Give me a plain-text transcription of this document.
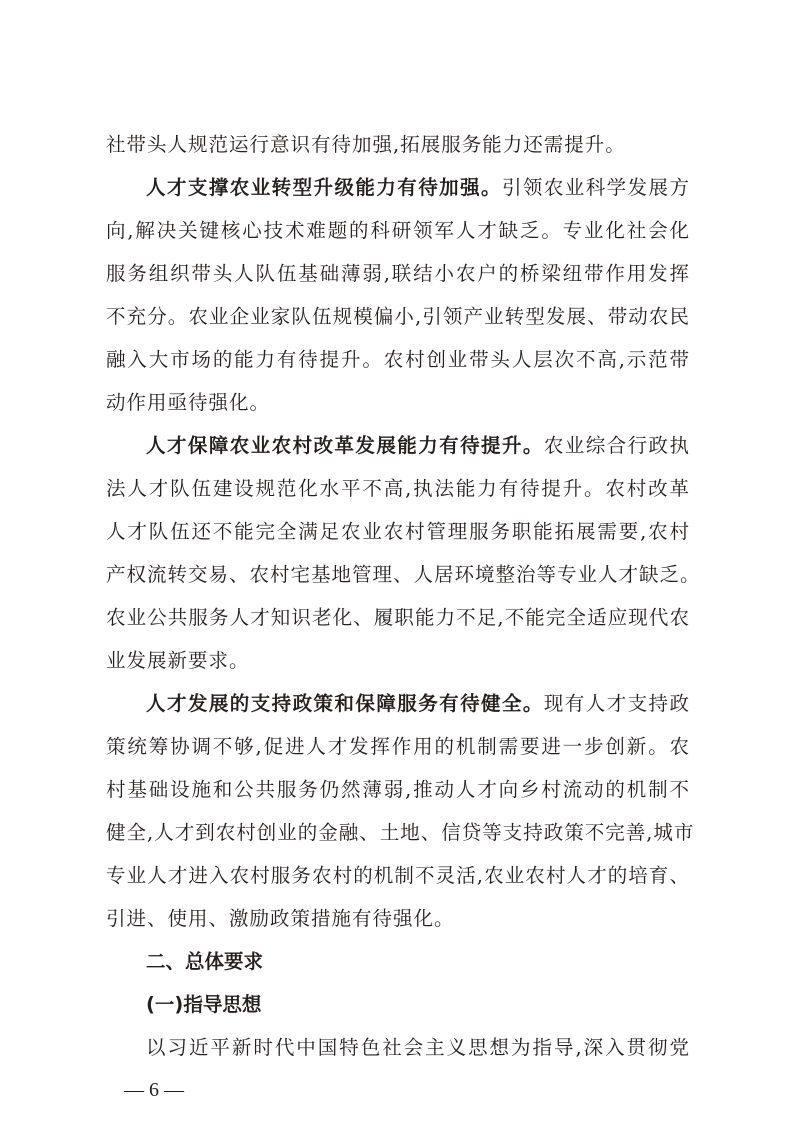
社带头人规范运行意识有待加强,拓展服务能力还需提升。
人才支撑农业转型升级能力有待加强。引领农业科学发展方
向,解决关键核心技术难题的科研领军人才缺乏。专业化社会化
服务组织带头人队伍基础薄弱,联结小农户的桥梁纽带作用发挥
不充分。农业企业家队伍规模偏小,引领产业转型发展、带动农民
融入大市场的能力有待提升。农村创业带头人层次不高,示范带
动作用亟待强化。
人才保障农业农村改革发展能力有待提升。农业综合行政执
法人才队伍建设规范化水平不高,执法能力有待提升。农村改革
人才队伍还不能完全满足农业农村管理服务职能拓展需要,农村
产权流转交易、农村宅基地管理、人居环境整治等专业人才缺乏。
农业公共服务人才知识老化、履职能力不足,不能完全适应现代农
业发展新要求。
人才发展的支持政策和保障服务有待健全。现有人才支持政
策统筹协调不够,促进人才发挥作用的机制需要进一步创新。农
村基础设施和公共服务仍然薄弱,推动人才向乡村流动的机制不
健全,人才到农村创业的金融、土地、信贷等支持政策不完善,城市
专业人才进入农村服务农村的机制不灵活,农业农村人才的培育、
引进、使用、激励政策措施有待强化。
二、总体要求
(一)指导思想
以习近平新时代中国特色社会主义思想为指导,深入贯彻党
— 6 —
